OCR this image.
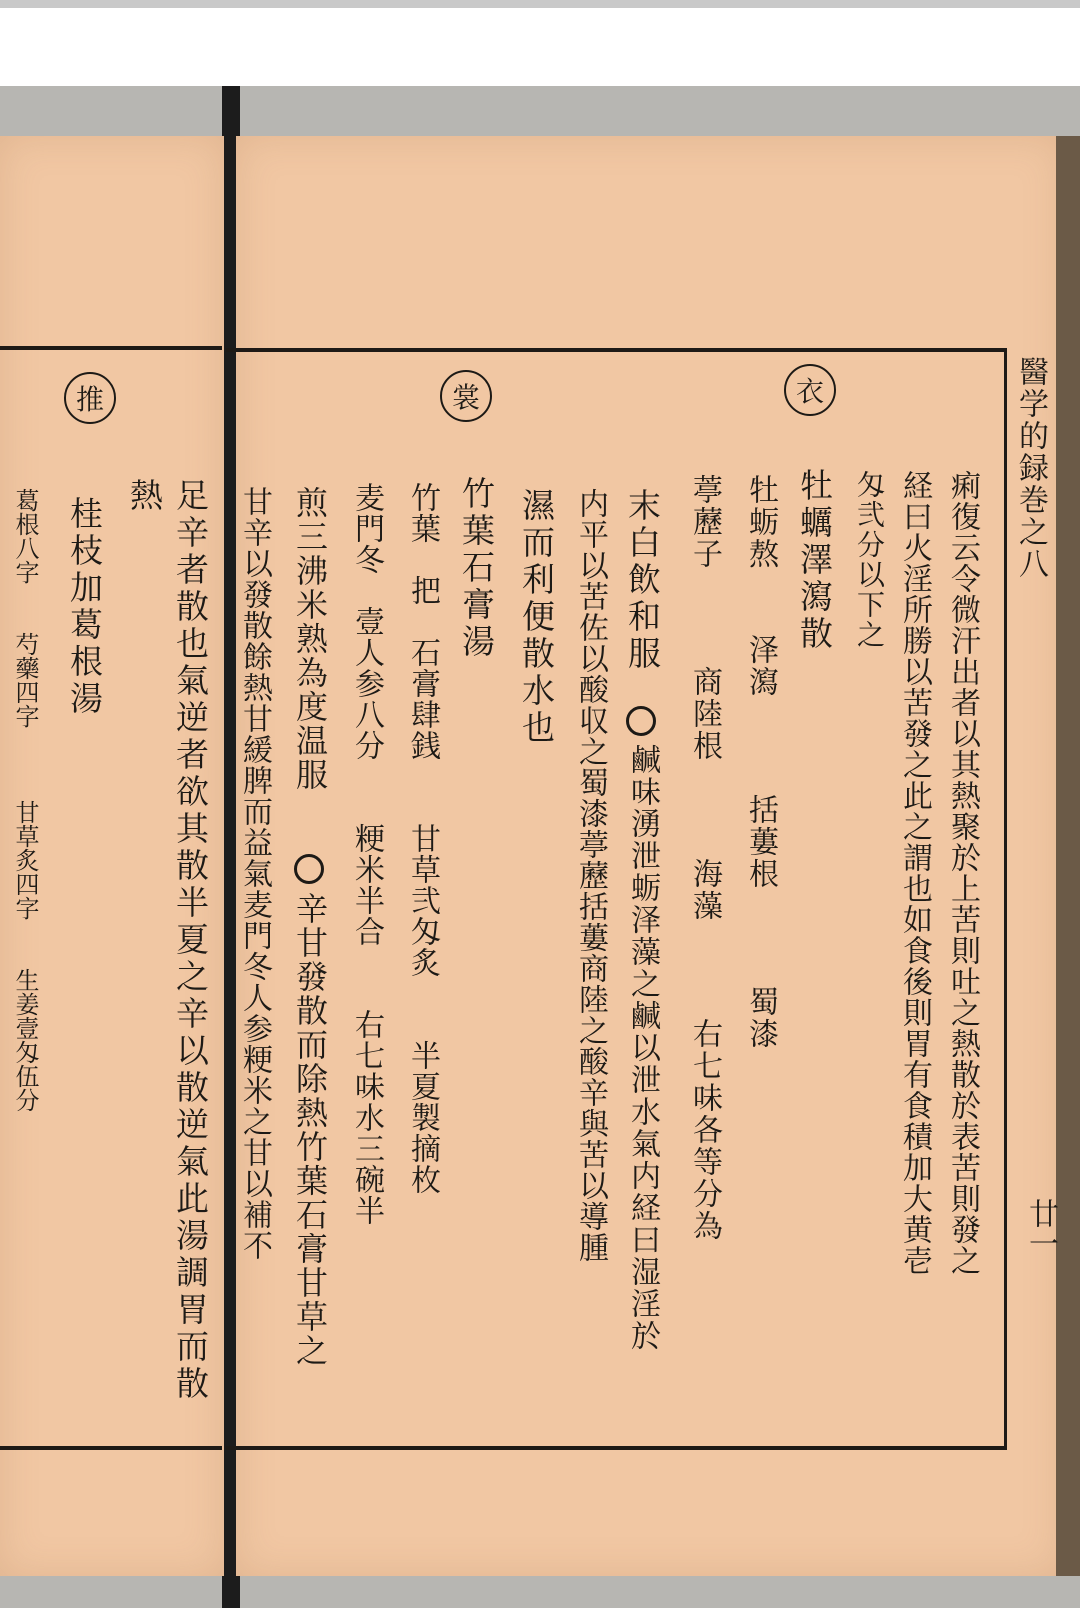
推
足辛者散也氣逆者欲其散半夏之辛以散逆氣此湯調胃而散
熱
桂枝加葛根湯
葛根八字　　芍藥四字　　　甘草炙四字　　生姜壹匁伍分
醫学的録巻之八
廿一
衣
裳
痢復云令微汗出者以其熱聚於上苦則吐之熱散於表苦則發之
経曰火淫所勝以苦發之此之謂也如食後則胃有食積加大黄壱
匁弐分以下之
牡蠣澤瀉散
牡蛎熬　　泽瀉　　　括蔞根　　　蜀漆
葶藶子　　　商陸根　　　海藻　　　右七味各等分為
末白飲和服
鹹味湧泄蛎泽藻之鹹以泄水氣内経曰湿淫於
内平以苦佐以酸収之蜀漆葶藶括蔞商陸之酸辛與苦以導腫
濕而利便散水也
竹葉石膏湯
竹葉　把　石膏肆銭　　甘草弐匁炙　　半夏製摘枚
麦門冬　壹人参八分　　粳米半合　　右七味水三碗半
煎三沸米熟為度温服
辛甘發散而除熱竹葉石膏甘草之
甘辛以發散餘熱甘緩脾而益氣麦門冬人参粳米之甘以補不
